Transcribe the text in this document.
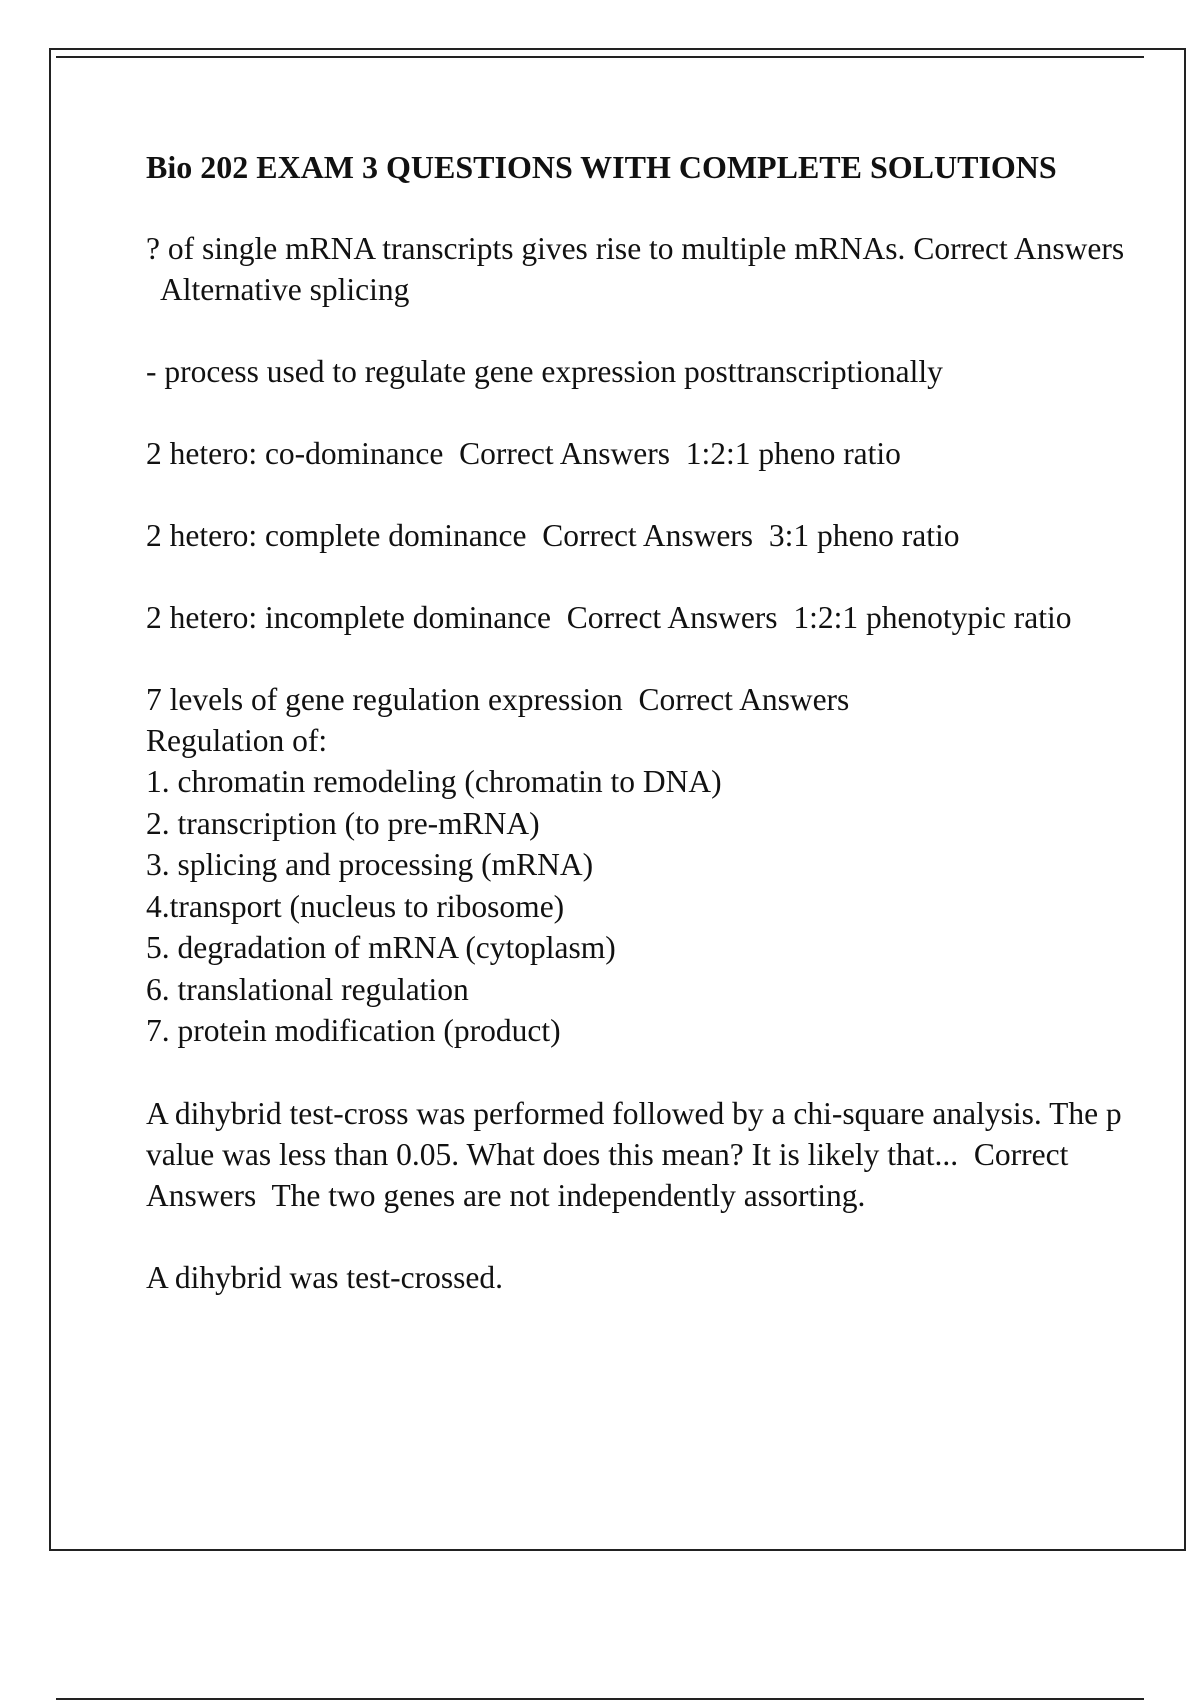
Bio 202 EXAM 3 QUESTIONS WITH COMPLETE SOLUTIONS
? of single mRNA transcripts gives rise to multiple mRNAs. Correct Answers  Alternative splicing
- process used to regulate gene expression posttranscriptionally
2 hetero: co-dominance Correct Answers 1:2:1 pheno ratio
2 hetero: complete dominance Correct Answers 3:1 pheno ratio
2 hetero: incomplete dominance Correct Answers 1:2:1 phenotypic ratio
7 levels of gene regulation expression Correct Answers
Regulation of:
1. chromatin remodeling (chromatin to DNA)
2. transcription (to pre-mRNA)
3. splicing and processing (mRNA)
4.transport (nucleus to ribosome)
5. degradation of mRNA (cytoplasm)
6. translational regulation
7. protein modification (product)
A dihybrid test-cross was performed followed by a chi-square analysis. The p value was less than 0.05. What does this mean? It is likely that... Correct Answers The two genes are not independently assorting.
A dihybrid was test-crossed.
